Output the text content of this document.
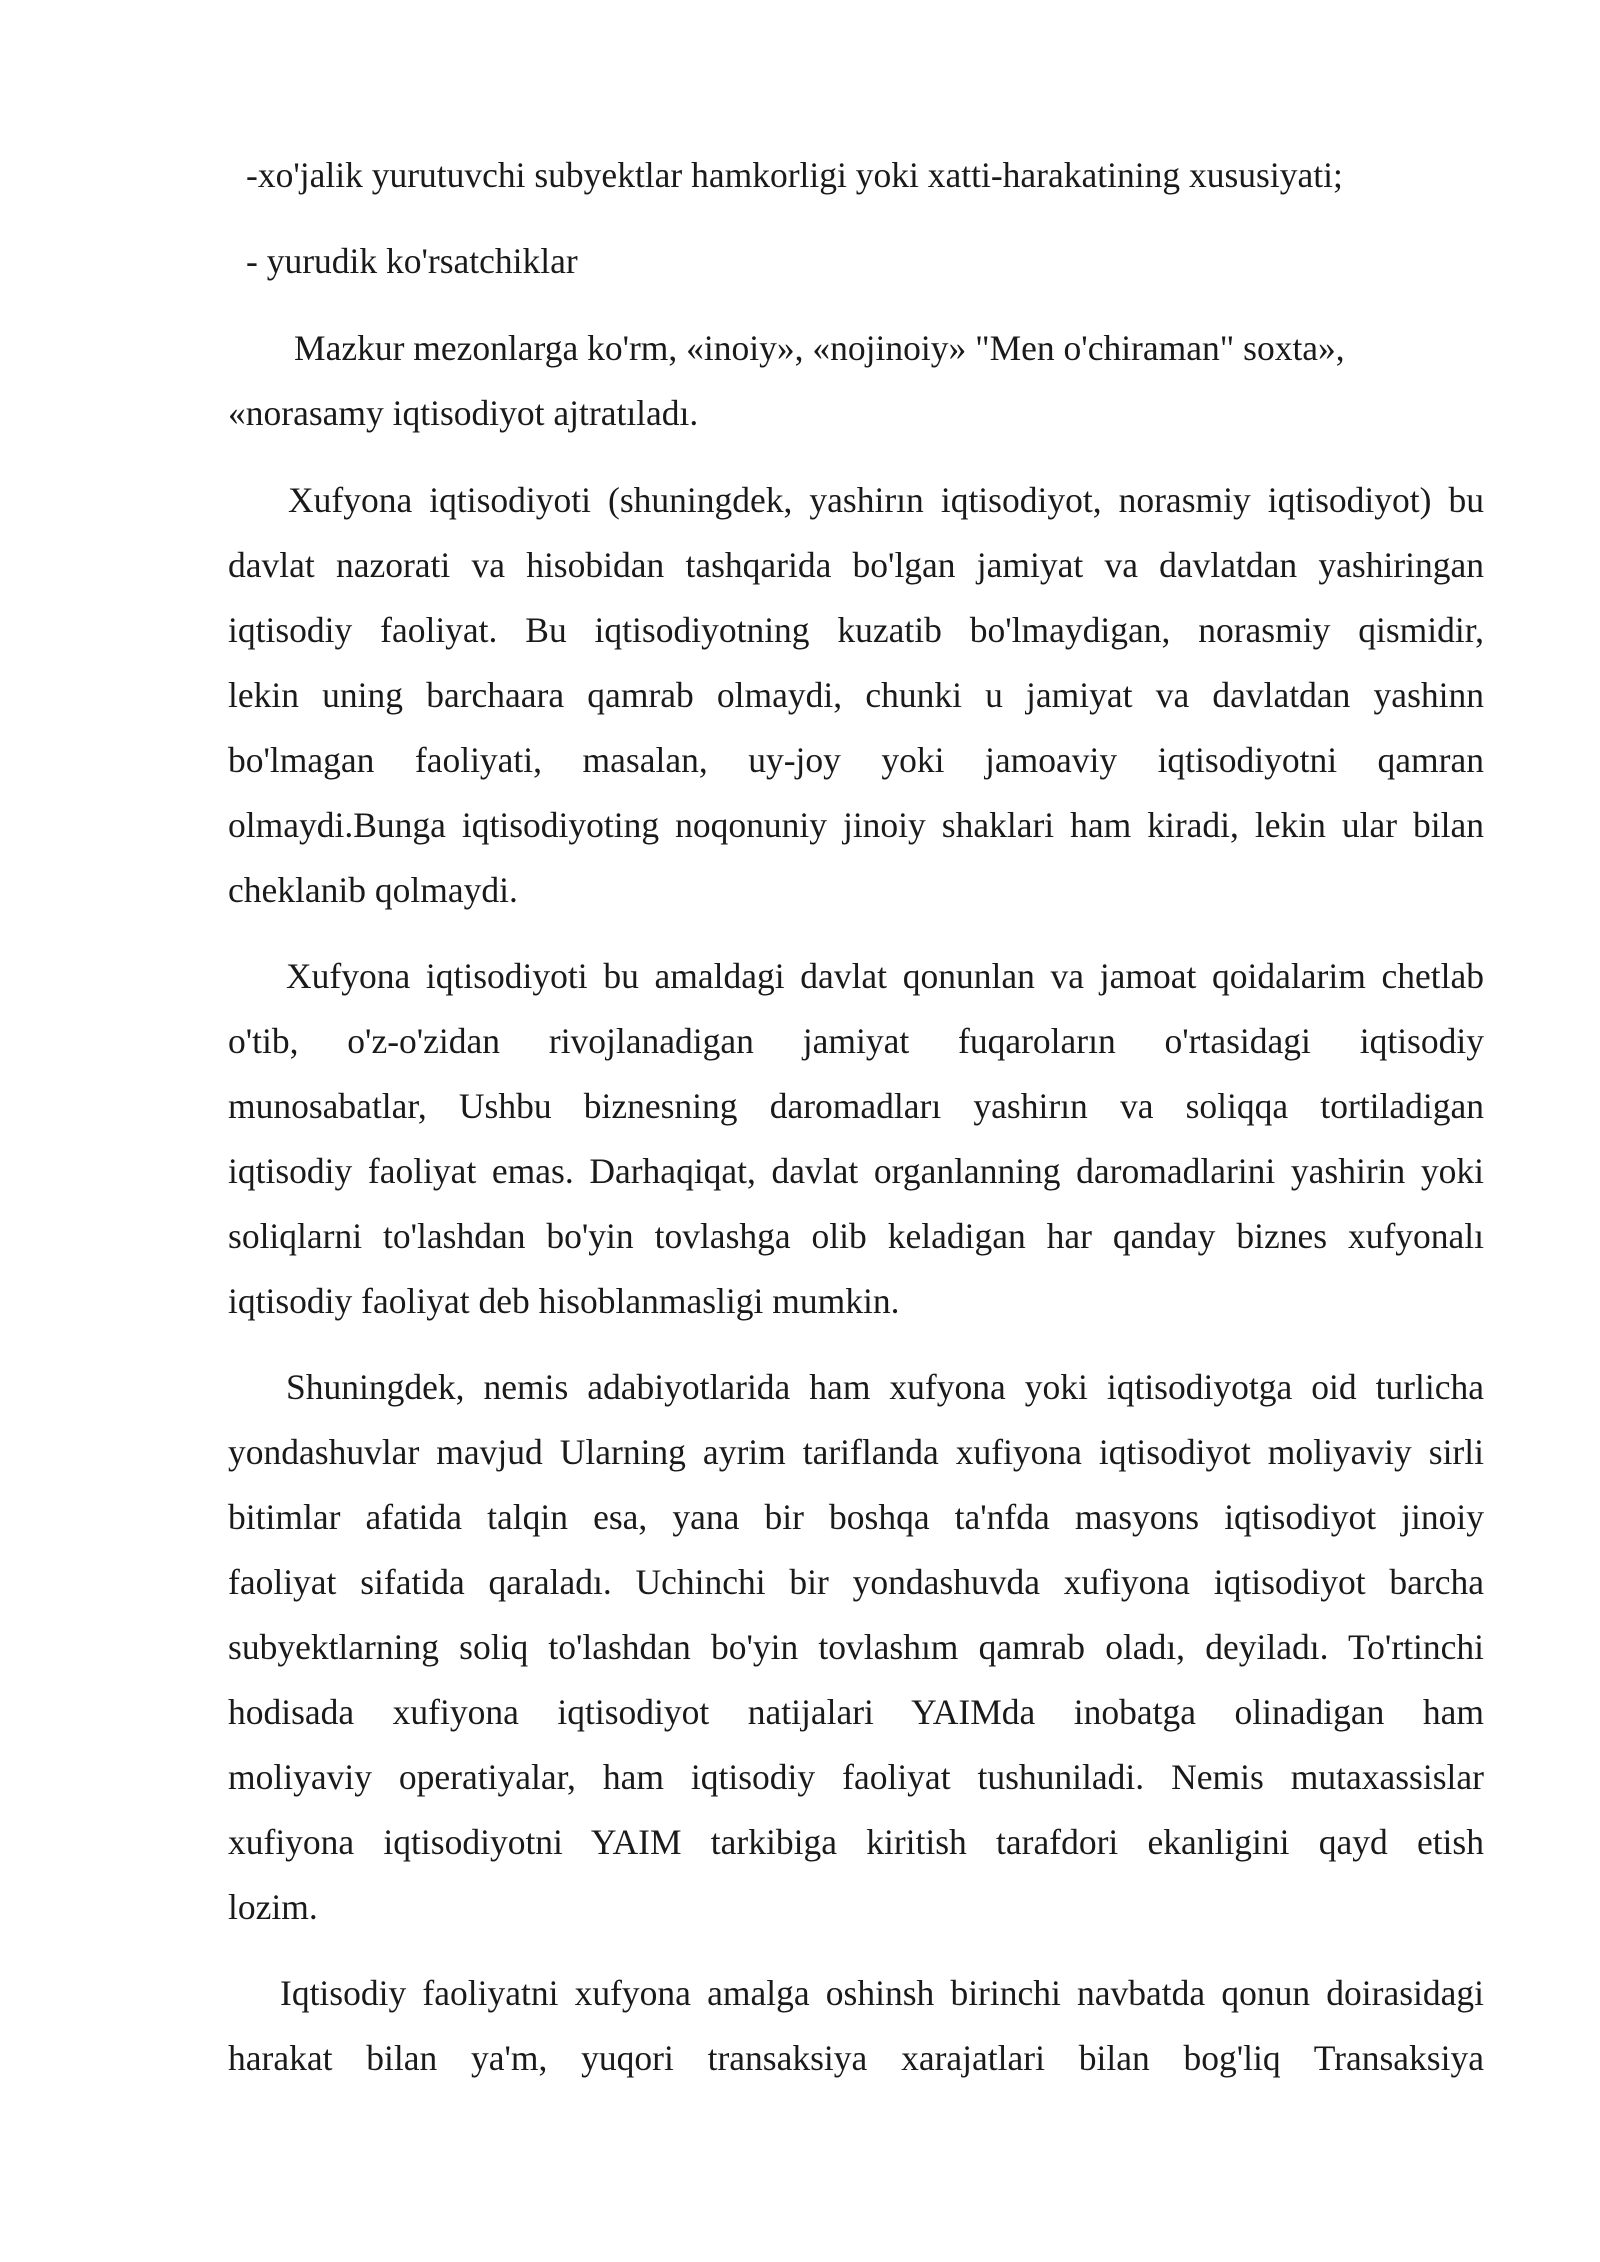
-xo'jalik yurutuvchi subyektlar hamkorligi yoki xatti-harakatining xususiyati;
- yurudik ko'rsatchiklar
Mazkur mezonlarga ko'rm, «inoiy», «nojinoiy» "Men o'chiraman" soxta»,
«norasamy iqtisodiyot ajtratıladı.
Xufyona iqtisodiyoti (shuningdek, yashirın iqtisodiyot, norasmiy iqtisodiyot) bu
davlat nazorati va hisobidan tashqarida bo'lgan jamiyat va davlatdan yashiringan
iqtisodiy faoliyat. Bu iqtisodiyotning kuzatib bo'lmaydigan, norasmiy qismidir,
lekin uning barchaara qamrab olmaydi, chunki u jamiyat va davlatdan yashinn
bo'lmagan faoliyati, masalan, uy-joy yoki jamoaviy iqtisodiyotni qamran
olmaydi.Bunga iqtisodiyoting noqonuniy jinoiy shaklari ham kiradi, lekin ular bilan
cheklanib qolmaydi.
Xufyona iqtisodiyoti bu amaldagi davlat qonunlan va jamoat qoidalarim chetlab
o'tib, o'z-o'zidan rivojlanadigan jamiyat fuqaroların o'rtasidagi iqtisodiy
munosabatlar, Ushbu biznesning daromadları yashirın va soliqqa tortiladigan
iqtisodiy faoliyat emas. Darhaqiqat, davlat organlanning daromadlarini yashirin yoki
soliqlarni to'lashdan bo'yin tovlashga olib keladigan har qanday biznes xufyonalı
iqtisodiy faoliyat deb hisoblanmasligi mumkin.
Shuningdek, nemis adabiyotlarida ham xufyona yoki iqtisodiyotga oid turlicha
yondashuvlar mavjud Ularning ayrim tariflanda xufiyona iqtisodiyot moliyaviy sirli
bitimlar afatida talqin esa, yana bir boshqa ta'nfda masyons iqtisodiyot jinoiy
faoliyat sifatida qaraladı. Uchinchi bir yondashuvda xufiyona iqtisodiyot barcha
subyektlarning soliq to'lashdan bo'yin tovlashım qamrab oladı, deyiladı. To'rtinchi
hodisada xufiyona iqtisodiyot natijalari YAIMda inobatga olinadigan ham
moliyaviy operatiyalar, ham iqtisodiy faoliyat tushuniladi. Nemis mutaxassislar
xufiyona iqtisodiyotni YAIM tarkibiga kiritish tarafdori ekanligini qayd etish
lozim.
Iqtisodiy faoliyatni xufyona amalga oshinsh birinchi navbatda qonun doirasidagi
harakat bilan ya'm, yuqori transaksiya xarajatlari bilan bog'liq Transaksiya
